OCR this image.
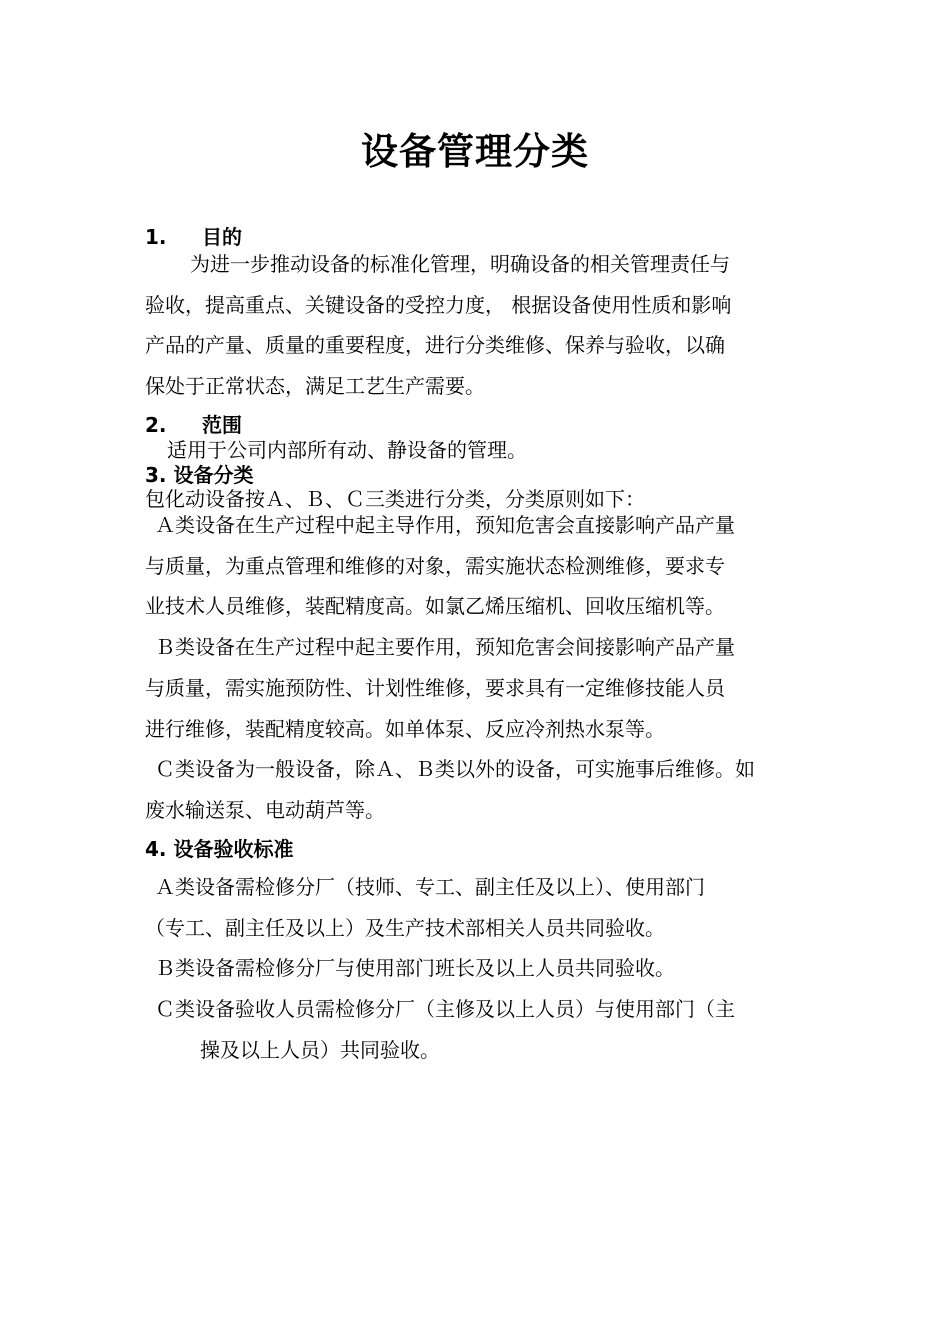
设备管理分类
1. 目的
为进一步推动设备的标准化管理，明确设备的相关管理责任与
验收，提高重点、关键设备的受控力度， 根据设备使用性质和影响
产品的产量、质量的重要程度，进行分类维修、保养与验收，以确
保处于正常状态，满足工艺生产需要。
2. 范围
适用于公司内部所有动、静设备的管理。
3. 设备分类
包化动设备按Ａ、Ｂ、Ｃ三类进行分类，分类原则如下：
Ａ类设备在生产过程中起主导作用，预知危害会直接影响产品产量
与质量，为重点管理和维修的对象，需实施状态检测维修，要求专
业技术人员维修，装配精度高。如氯乙烯压缩机、回收压缩机等。
Ｂ类设备在生产过程中起主要作用，预知危害会间接影响产品产量
与质量，需实施预防性、计划性维修，要求具有一定维修技能人员
进行维修，装配精度较高。如单体泵、反应冷剂热水泵等。
Ｃ类设备为一般设备，除Ａ、Ｂ类以外的设备，可实施事后维修。如
废水输送泵、电动葫芦等。
4. 设备验收标准
Ａ类设备需检修分厂（技师、专工、副主任及以上）、使用部门
（专工、副主任及以上）及生产技术部相关人员共同验收。
Ｂ类设备需检修分厂与使用部门班长及以上人员共同验收。
Ｃ类设备验收人员需检修分厂（主修及以上人员）与使用部门（主
操及以上人员）共同验收。
